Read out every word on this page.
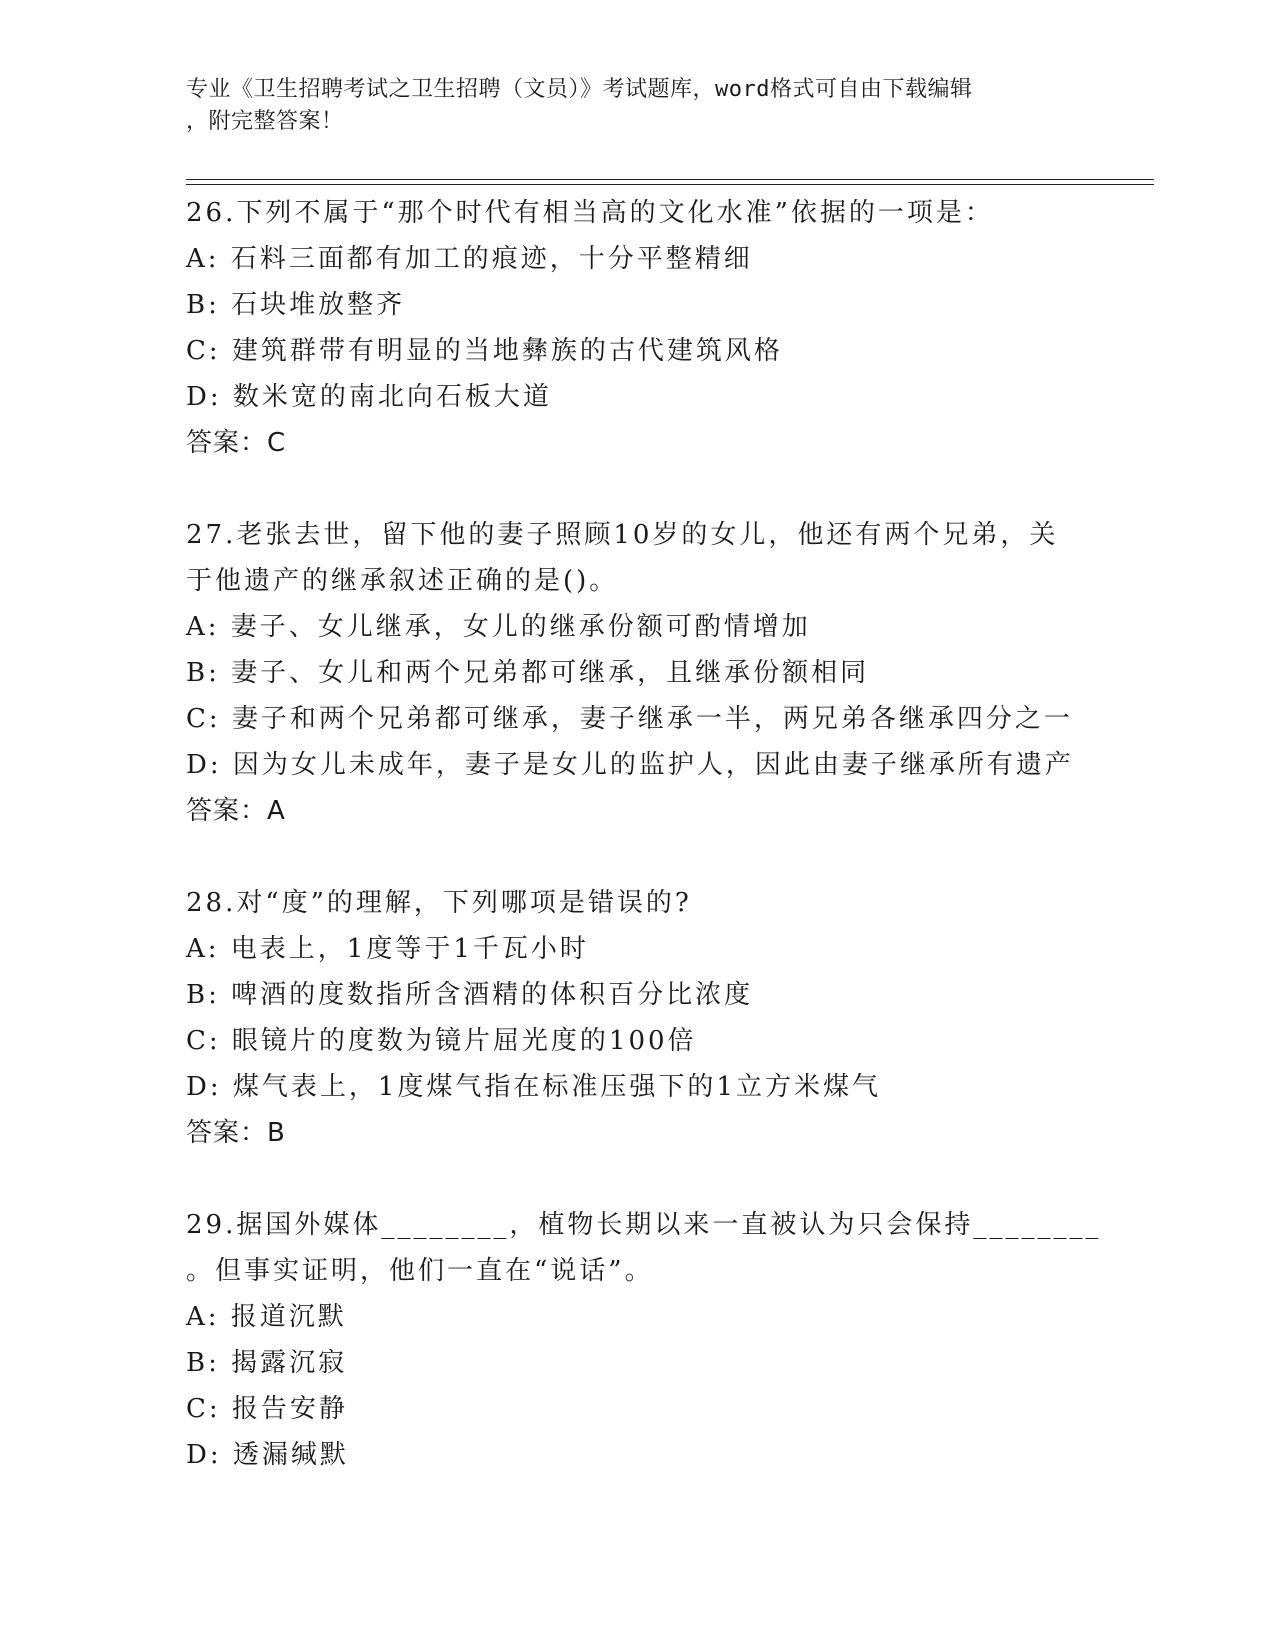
专业《卫生招聘考试之卫生招聘（文员）》考试题库，word格式可自由下载编辑
，附完整答案！
26.下列不属于“那个时代有相当高的文化水准”依据的一项是：
A: 石料三面都有加工的痕迹，十分平整精细
B: 石块堆放整齐
C: 建筑群带有明显的当地彝族的古代建筑风格
D: 数米宽的南北向石板大道
答案：C
27.老张去世，留下他的妻子照顾10岁的女儿，他还有两个兄弟，关
于他遗产的继承叙述正确的是()。
A: 妻子、女儿继承，女儿的继承份额可酌情增加
B: 妻子、女儿和两个兄弟都可继承，且继承份额相同
C: 妻子和两个兄弟都可继承，妻子继承一半，两兄弟各继承四分之一
D: 因为女儿未成年，妻子是女儿的监护人，因此由妻子继承所有遗产
答案：A
28.对“度”的理解，下列哪项是错误的?
A: 电表上，1度等于1千瓦小时
B: 啤酒的度数指所含酒精的体积百分比浓度
C: 眼镜片的度数为镜片屈光度的100倍
D: 煤气表上，1度煤气指在标准压强下的1立方米煤气
答案：B
29.据国外媒体________，植物长期以来一直被认为只会保持________
。但事实证明，他们一直在“说话”。
A: 报道沉默
B: 揭露沉寂
C: 报告安静
D: 透漏缄默
